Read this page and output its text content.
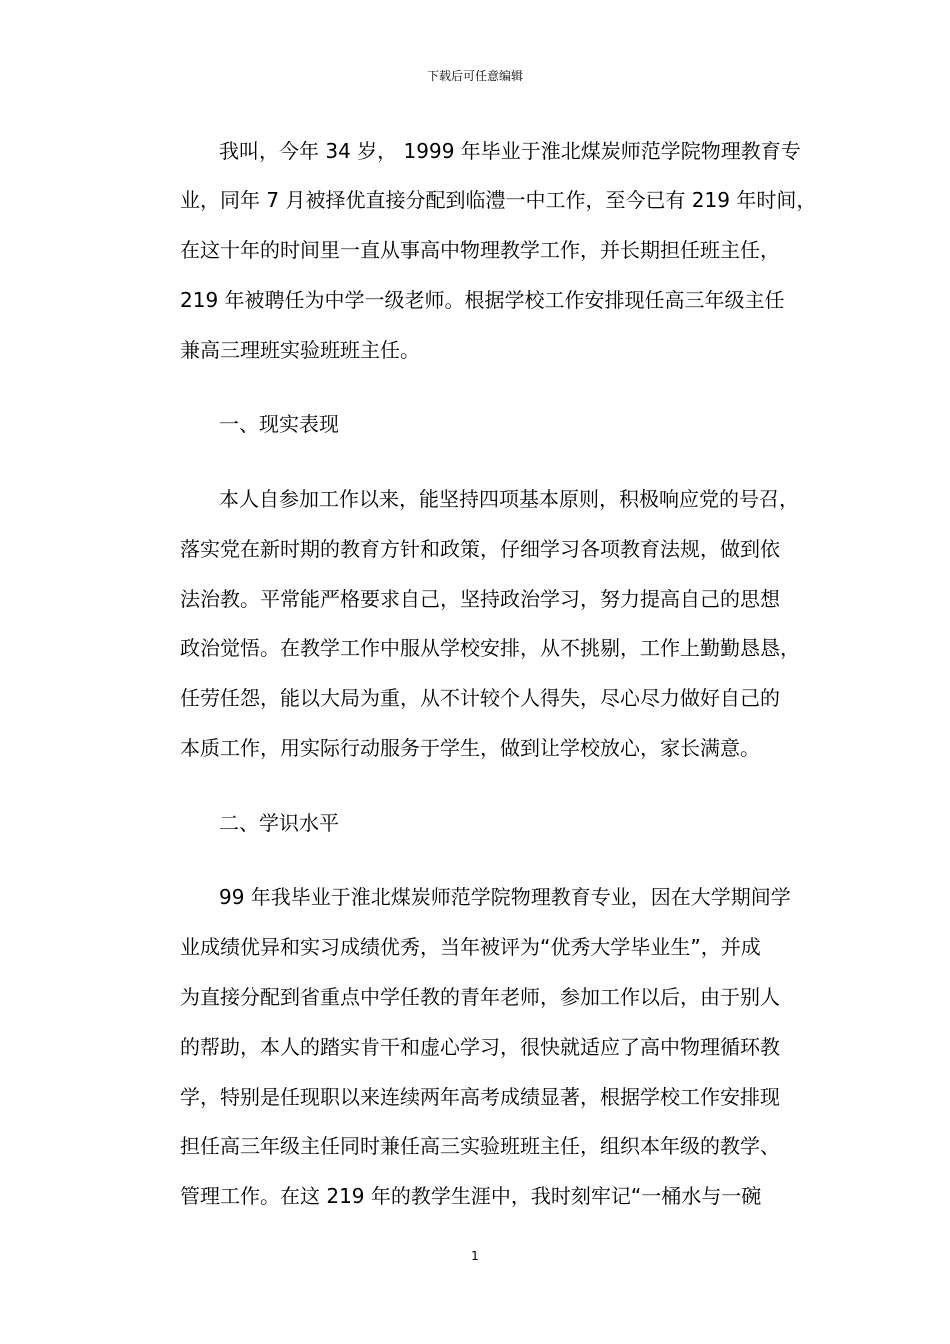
下载后可任意编辑
我叫，今年 34 岁， 1999 年毕业于淮北煤炭师范学院物理教育专
业，同年 7 月被择优直接分配到临澧一中工作，至今已有 219 年时间，
在这十年的时间里一直从事高中物理教学工作，并长期担任班主任，
219 年被聘任为中学一级老师。根据学校工作安排现任高三年级主任
兼高三理班实验班班主任。
一、现实表现
本人自参加工作以来，能坚持四项基本原则，积极响应党的号召，
落实党在新时期的教育方针和政策，仔细学习各项教育法规，做到依
法治教。平常能严格要求自己，坚持政治学习，努力提高自己的思想
政治觉悟。在教学工作中服从学校安排，从不挑剔，工作上勤勤恳恳，
任劳任怨，能以大局为重，从不计较个人得失，尽心尽力做好自己的
本质工作，用实际行动服务于学生，做到让学校放心，家长满意。
二、学识水平
99 年我毕业于淮北煤炭师范学院物理教育专业，因在大学期间学
业成绩优异和实习成绩优秀，当年被评为“优秀大学毕业生”，并成
为直接分配到省重点中学任教的青年老师，参加工作以后，由于别人
的帮助，本人的踏实肯干和虚心学习，很快就适应了高中物理循环教
学，特别是任现职以来连续两年高考成绩显著，根据学校工作安排现
担任高三年级主任同时兼任高三实验班班主任，组织本年级的教学、
管理工作。在这 219 年的教学生涯中，我时刻牢记“一桶水与一碗
1
